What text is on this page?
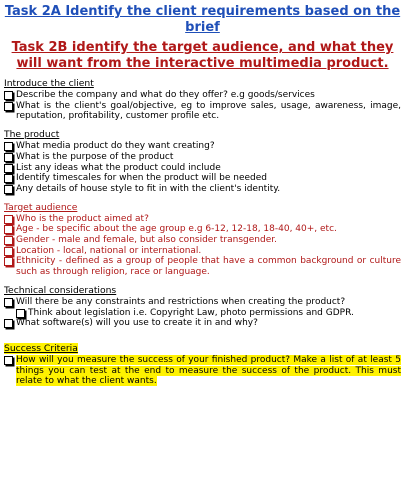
Task 2A Identify the client requirements based on the brief
Task 2B identify the target audience, and what they will want from the interactive multimedia product.
Introduce the client
Describe the company and what do they offer? e.g goods/services
What is the client's goal/objective, eg to improve sales, usage, awareness, image, reputation, profitability, customer profile etc.
The product
What media product do they want creating?
What is the purpose of the product
List any ideas what the product could include
Identify timescales for when the product will be needed
Any details of house style to fit in with the client's identity.
Target audience
Who is the product aimed at?
Age - be specific about the age group e.g 6-12, 12-18, 18-40, 40+, etc.
Gender - male and female, but also consider transgender.
Location - local, national or international.
Ethnicity - defined as a group of people that have a common background or culture such as through religion, race or language.
Technical considerations
Will there be any constraints and restrictions when creating the product?
Think about legislation i.e. Copyright Law, photo permissions and GDPR.
What software(s) will you use to create it in and why?
Success Criteria
How will you measure the success of your finished product? Make a list of at least 5 things you can test at the end to measure the success of the product. This must relate to what the client wants.
